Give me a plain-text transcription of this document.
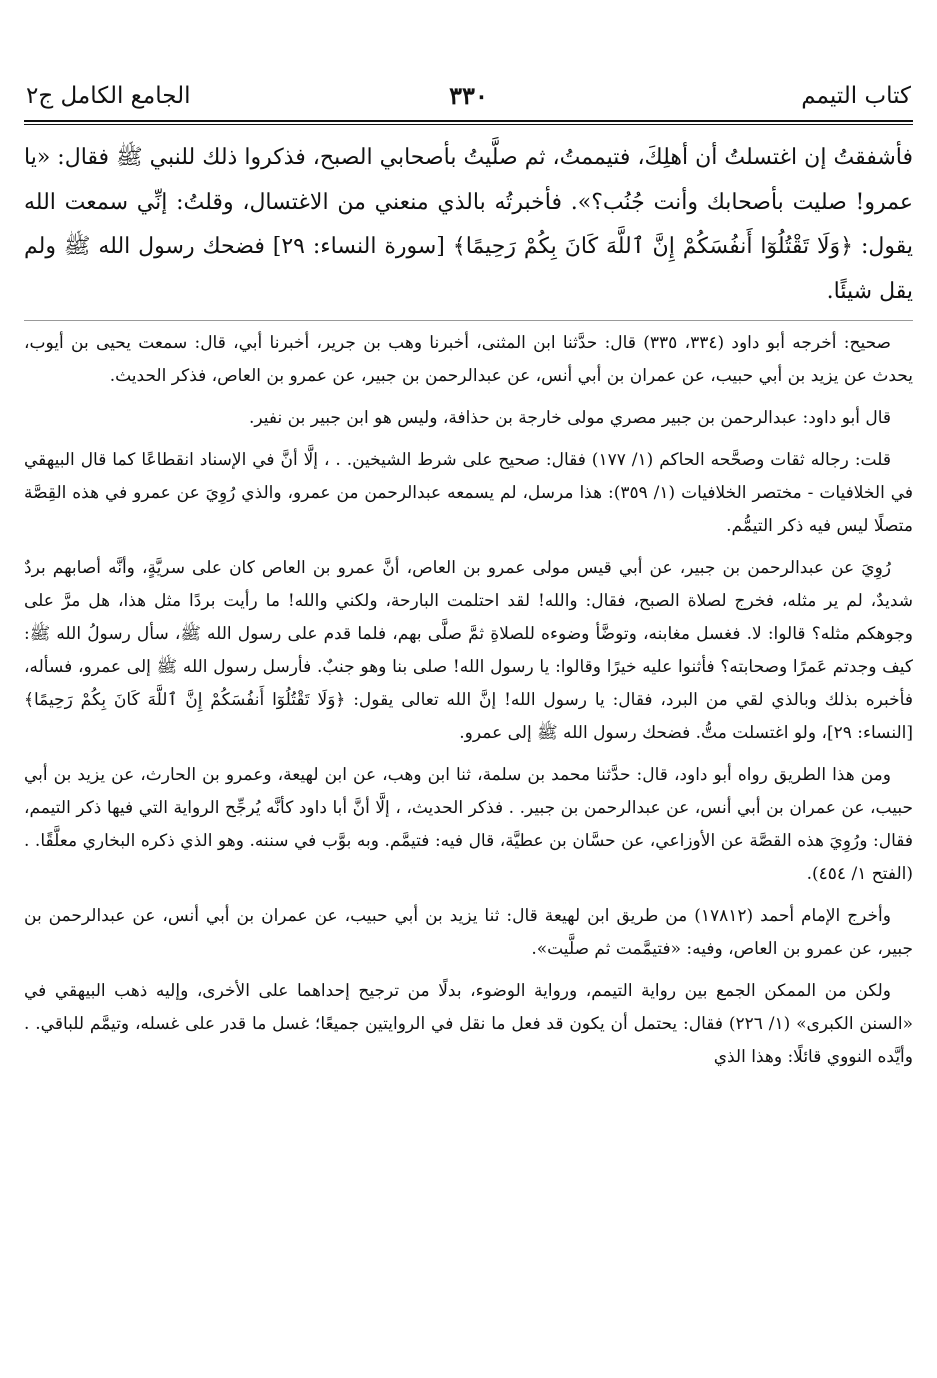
كتاب التيمم
٣٣٠
الجامع الكامل ج٢

فأشفقتُ إن اغتسلتُ أن أهلِكَ، فتيممتُ، ثم صلَّيتُ بأصحابي الصبح، فذكروا ذلك للنبي ﷺ فقال: «يا عمرو! صليت بأصحابك وأنت جُنُب؟». فأخبرتُه بالذي منعني من الاغتسال، وقلتُ: إنِّي سمعت الله يقول: ﴿وَلَا تَقْتُلُوٓا أَنفُسَكُمْ إِنَّ ٱللَّهَ كَانَ بِكُمْ رَحِيمًا﴾ [سورة النساء: ٢٩] فضحك رسول الله ﷺ ولم يقل شيئًا.

صحيح: أخرجه أبو داود (٣٣٤، ٣٣٥) قال: حدَّثنا ابن المثنى، أخبرنا وهب بن جرير، أخبرنا أبي، قال: سمعت يحيى بن أيوب، يحدث عن يزيد بن أبي حبيب، عن عمران بن أبي أنس، عن عبدالرحمن بن جبير، عن عمرو بن العاص، فذكر الحديث.

قال أبو داود: عبدالرحمن بن جبير مصري مولى خارجة بن حذافة، وليس هو ابن جبير بن نفير.

قلت: رجاله ثقات وصحَّحه الحاكم (١/ ١٧٧) فقال: صحيح على شرط الشيخين. . ، إلَّا أنَّ في الإسناد انقطاعًا كما قال البيهقي في الخلافيات - مختصر الخلافيات (١/ ٣٥٩): هذا مرسل، لم يسمعه عبدالرحمن من عمرو، والذي رُوِيَ عن عمرو في هذه القِصَّة متصلًا ليس فيه ذكر التيمُّم.

رُوِيَ عن عبدالرحمن بن جبير، عن أبي قيس مولى عمرو بن العاص، أنَّ عمرو بن العاص كان على سريَّةٍ، وأنَّه أصابهم بردٌ شديدٌ، لم ير مثله، فخرج لصلاة الصبح، فقال: والله! لقد احتلمت البارحة، ولكني والله! ما رأيت بردًا مثل هذا، هل مرَّ على وجوهكم مثله؟ قالوا: لا. فغسل مغابنه، وتوضَّأ وضوءه للصلاةِ ثمَّ صلَّى بهم، فلما قدم على رسول الله ﷺ، سأل رسولُ الله ﷺ: كيف وجدتم عَمرًا وصحابته؟ فأثنوا عليه خيرًا وقالوا: يا رسول الله! صلى بنا وهو جنبٌ. فأرسل رسول الله ﷺ إلى عمرو، فسأله، فأخبره بذلك وبالذي لقي من البرد، فقال: يا رسول الله! إنَّ الله تعالى يقول: ﴿وَلَا تَقْتُلُوٓا أَنفُسَكُمْ إِنَّ ٱللَّهَ كَانَ بِكُمْ رَحِيمًا﴾ [النساء: ٢٩]، ولو اغتسلت متُّ. فضحك رسول الله ﷺ إلى عمرو.

ومن هذا الطريق رواه أبو داود، قال: حدَّثنا محمد بن سلمة، ثنا ابن وهب، عن ابن لهيعة، وعمرو بن الحارث، عن يزيد بن أبي حبيب، عن عمران بن أبي أنس، عن عبدالرحمن بن جبير. . فذكر الحديث، ، إلَّا أنَّ أبا داود كأنَّه يُرجِّح الرواية التي فيها ذكر التيمم، فقال: ورُوِيَ هذه القصَّة عن الأوزاعي، عن حسَّان بن عطيَّة، قال فيه: فتيمَّم. وبه بوَّب في سننه. وهو الذي ذكره البخاري معلَّقًا. . (الفتح ١/ ٤٥٤).

وأخرج الإمام أحمد (١٧٨١٢) من طريق ابن لهيعة قال: ثنا يزيد بن أبي حبيب، عن عمران بن أبي أنس، عن عبدالرحمن بن جبير، عن عمرو بن العاص، وفيه: «فتيمَّمت ثم صلَّيت».

ولكن من الممكن الجمع بين رواية التيمم، ورواية الوضوء، بدلًا من ترجيح إحداهما على الأخرى، وإليه ذهب البيهقي في «السنن الكبرى» (١/ ٢٢٦) فقال: يحتمل أن يكون قد فعل ما نقل في الروايتين جميعًا؛ غسل ما قدر على غسله، وتيمَّم للباقي. . وأيَّده النووي قائلًا: وهذا الذي
